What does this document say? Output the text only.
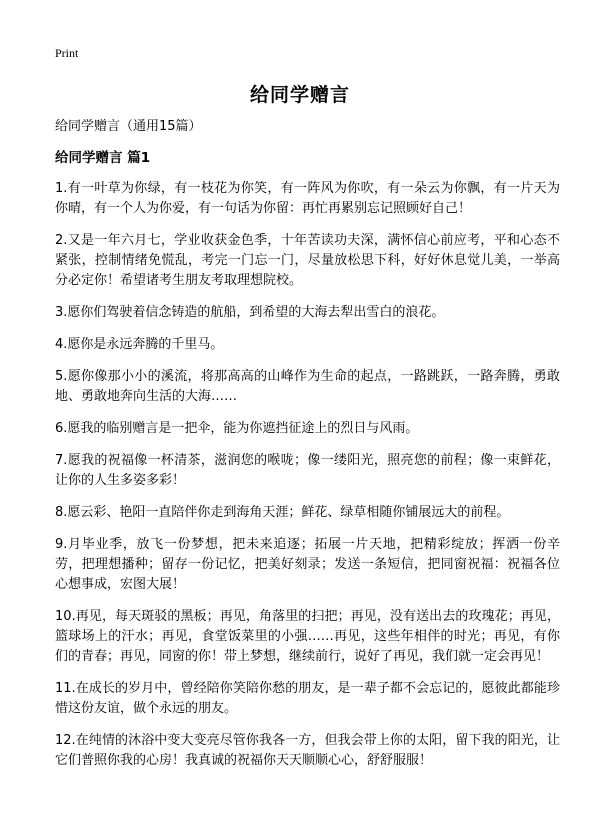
Print
给同学赠言
给同学赠言（通用15篇）
给同学赠言 篇1

1.有一叶草为你绿，有一枝花为你笑，有一阵风为你吹，有一朵云为你飘，有一片天为你晴，有一个人为你爱，有一句话为你留：再忙再累别忘记照顾好自己！

2.又是一年六月七，学业收获金色季，十年苦读功夫深，满怀信心前应考，平和心态不紧张，控制情绪免慌乱，考完一门忘一门，尽量放松思下科，好好休息觉儿美，一举高分必定你！希望诸考生朋友考取理想院校。

3.愿你们驾驶着信念铸造的航船，到希望的大海去犁出雪白的浪花。

4.愿你是永远奔腾的千里马。

5.愿你像那小小的溪流，将那高高的山峰作为生命的起点，一路跳跃，一路奔腾，勇敢地、勇敢地奔向生活的大海……

6.愿我的临别赠言是一把伞，能为你遮挡征途上的烈日与风雨。

7.愿我的祝福像一杯清茶，滋润您的喉咙；像一缕阳光，照亮您的前程；像一束鲜花，让你的人生多姿多彩！

8.愿云彩、艳阳一直陪伴你走到海角天涯；鲜花、绿草相随你铺展远大的前程。

9.月毕业季，放飞一份梦想，把未来追逐；拓展一片天地，把精彩绽放；挥洒一份辛劳，把理想播种；留存一份记忆，把美好刻录；发送一条短信，把同窗祝福：祝福各位心想事成，宏图大展！

10.再见，每天斑驳的黑板；再见，角落里的扫把；再见，没有送出去的玫瑰花；再见，篮球场上的汗水；再见，食堂饭菜里的小强……再见，这些年相伴的时光；再见，有你们的青春；再见，同窗的你！带上梦想，继续前行，说好了再见，我们就一定会再见！

11.在成长的岁月中，曾经陪你笑陪你愁的朋友，是一辈子都不会忘记的，愿彼此都能珍惜这份友谊，做个永远的朋友。

12.在纯情的沐浴中变大变亮尽管你我各一方，但我会带上你的太阳，留下我的阳光，让它们普照你我的心房！我真诚的祝福你天天顺顺心心，舒舒服服！
